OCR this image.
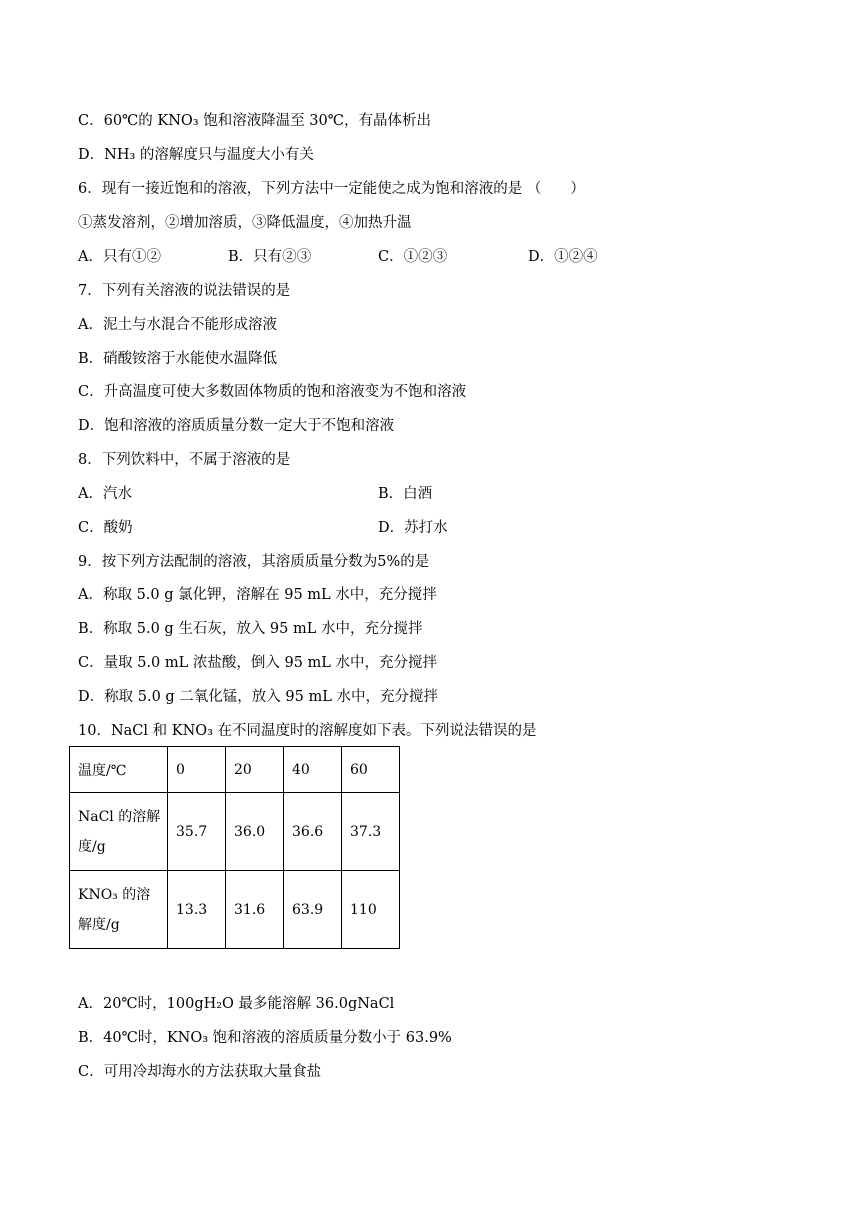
C．60℃的 KNO₃ 饱和溶液降温至 30℃，有晶体析出
D．NH₃ 的溶解度只与温度大小有关
6．现有一接近饱和的溶液，下列方法中一定能使之成为饱和溶液的是 （　　）
①蒸发溶剂，②增加溶质，③降低温度，④加热升温
A．只有①②	B．只有②③	C．①②③	D．①②④
7．下列有关溶液的说法错误的是
A．泥土与水混合不能形成溶液
B．硝酸铵溶于水能使水温降低
C．升高温度可使大多数固体物质的饱和溶液变为不饱和溶液
D．饱和溶液的溶质质量分数一定大于不饱和溶液
8．下列饮料中，不属于溶液的是
A．汽水	B．白酒
C．酸奶	D．苏打水
9．按下列方法配制的溶液，其溶质质量分数为5%的是
A．称取 5.0 g 氯化钾，溶解在 95 mL 水中，充分搅拌
B．称取 5.0 g 生石灰，放入 95 mL 水中，充分搅拌
C．量取 5.0 mL 浓盐酸，倒入 95 mL 水中，充分搅拌
D．称取 5.0 g 二氧化锰，放入 95 mL 水中，充分搅拌
10．NaCl 和 KNO₃ 在不同温度时的溶解度如下表。下列说法错误的是
温度/℃	0	20	40	60
NaCl 的溶解
度/g	35.7	36.0	36.6	37.3
KNO₃ 的溶
解度/g	13.3	31.6	63.9	110
A．20℃时，100gH₂O 最多能溶解 36.0gNaCl
B．40℃时，KNO₃ 饱和溶液的溶质质量分数小于 63.9%
C．可用冷却海水的方法获取大量食盐
